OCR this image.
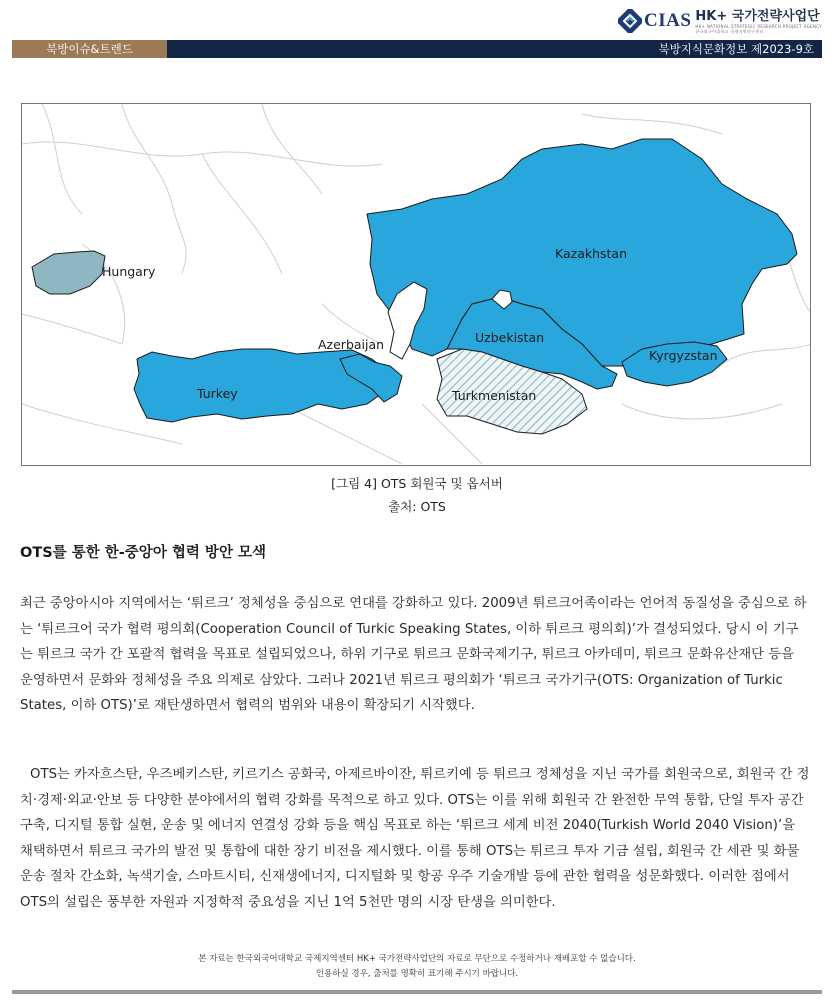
CIAS HK+ 국가전략사업단
HK+ NATIONAL STRATEGIC RESEARCH PROJECT AGENCY
한국외국어대학교 국제지역연구센터
북방이슈&트렌드	북방지식문화정보 제2023-9호
Hungary
Azerbaijan
Turkey
Kazakhstan
Uzbekistan
Kyrgyzstan
Turkmenistan
[그림 4] OTS 회원국 및 옵서버
출처: OTS
OTS를 통한 한-중앙아 협력 방안 모색

최근 중앙아시아 지역에서는 ‘튀르크’ 정체성을 중심으로 연대를 강화하고 있다. 2009년 튀르크어족이라는 언어적 동질성을 중심으로 하는 ‘튀르크어 국가 협력 평의회(Cooperation Council of Turkic Speaking States, 이하 튀르크 평의회)’가 결성되었다. 당시 이 기구는 튀르크 국가 간 포괄적 협력을 목표로 설립되었으나, 하위 기구로 튀르크 문화국제기구, 튀르크 아카데미, 튀르크 문화유산재단 등을 운영하면서 문화와 정체성을 주요 의제로 삼았다. 그러나 2021년 튀르크 평의회가 ‘튀르크 국가기구(OTS: Organization of Turkic States, 이하 OTS)’로 재탄생하면서 협력의 범위와 내용이 확장되기 시작했다.

OTS는 카자흐스탄, 우즈베키스탄, 키르기스 공화국, 아제르바이잔, 튀르키예 등 튀르크 정체성을 지닌 국가를 회원국으로, 회원국 간 정치·경제·외교·안보 등 다양한 분야에서의 협력 강화를 목적으로 하고 있다. OTS는 이를 위해 회원국 간 완전한 무역 통합, 단일 투자 공간 구축, 디지털 통합 실현, 운송 및 에너지 연결성 강화 등을 핵심 목표로 하는 ‘튀르크 세계 비전 2040(Turkish World 2040 Vision)’을 채택하면서 튀르크 국가의 발전 및 통합에 대한 장기 비전을 제시했다. 이를 통해 OTS는 튀르크 투자 기금 설립, 회원국 간 세관 및 화물 운송 절차 간소화, 녹색기술, 스마트시티, 신재생에너지, 디지털화 및 항공 우주 기술개발 등에 관한 협력을 성문화했다. 이러한 점에서 OTS의 설립은 풍부한 자원과 지정학적 중요성을 지닌 1억 5천만 명의 시장 탄생을 의미한다.

본 자료는 한국외국어대학교 국제지역센터 HK+ 국가전략사업단의 자료로 무단으로 수정하거나 재배포할 수 없습니다.
인용하실 경우, 출처를 명확히 표기해 주시기 바랍니다.
